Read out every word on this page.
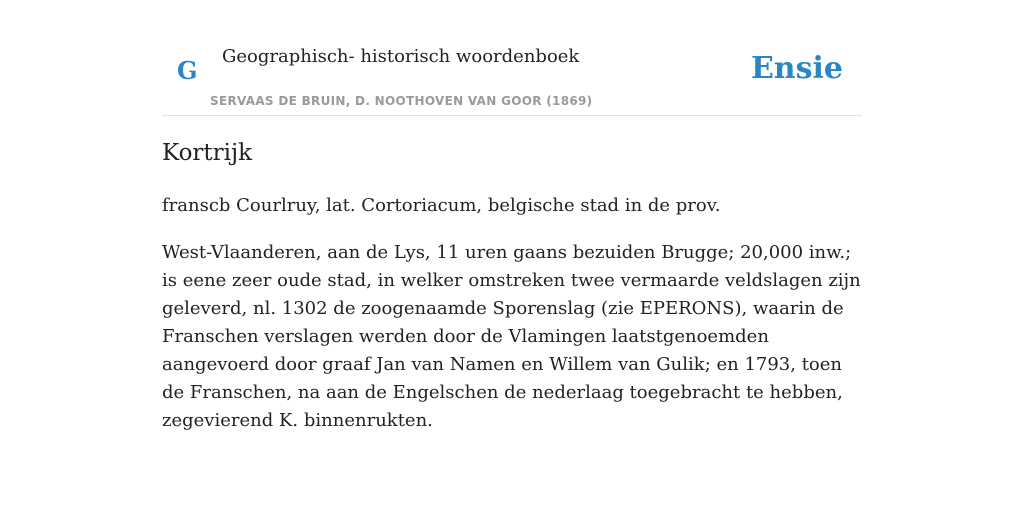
G Geographisch- historisch woordenboek
SERVAAS DE BRUIN, D. NOOTHOVEN VAN GOOR (1869)
Ensie
Kortrijk

franscb Courlruy, lat. Cortoriacum, belgische stad in de prov.

West-Vlaanderen, aan de Lys, 11 uren gaans bezuiden Brugge; 20,000 inw.; is eene zeer oude stad, in welker omstreken twee vermaarde veldslagen zijn geleverd, nl. 1302 de zoogenaamde Sporenslag (zie EPERONS), waarin de Franschen verslagen werden door de Vlamingen laatstgenoemden aangevoerd door graaf Jan van Namen en Willem van Gulik; en 1793, toen de Franschen, na aan de Engelschen de nederlaag toegebracht te hebben, zegevierend K. binnenrukten.
